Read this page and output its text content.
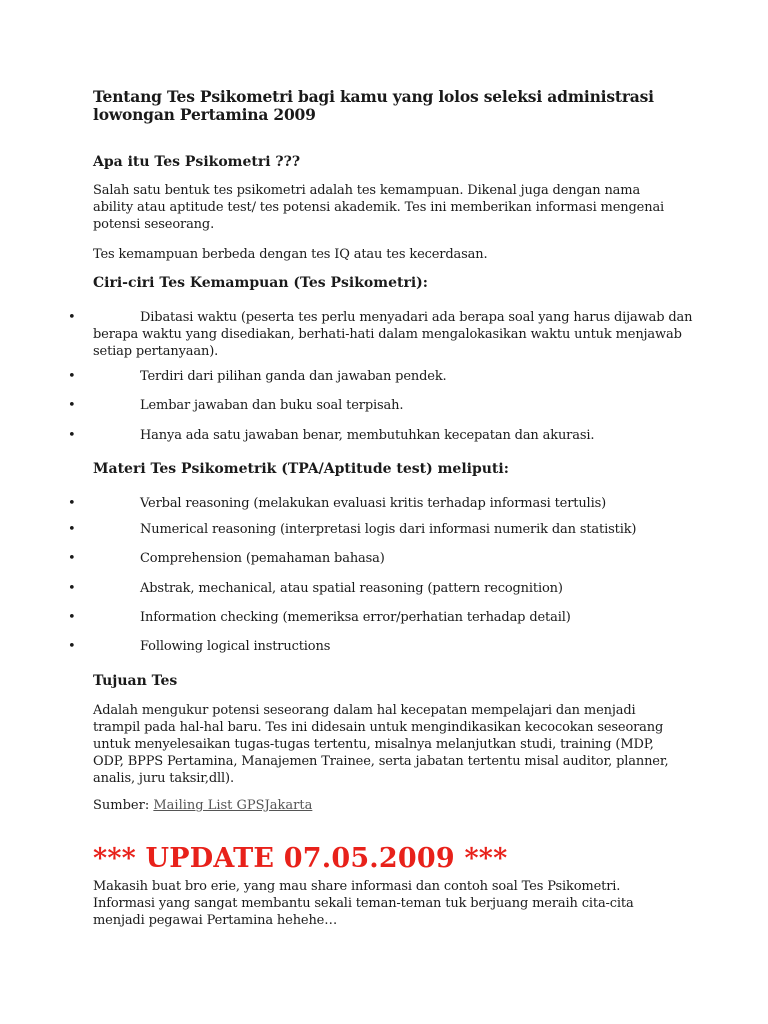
Tentang Tes Psikometri bagi kamu yang lolos seleksi administrasi lowongan Pertamina 2009
Apa itu Tes Psikometri ???
Salah satu bentuk tes psikometri adalah tes kemampuan. Dikenal juga dengan nama ability atau aptitude test/ tes potensi akademik. Tes ini memberikan informasi mengenai potensi seseorang.
Tes kemampuan berbeda dengan tes IQ atau tes kecerdasan.
Ciri-ciri Tes Kemampuan (Tes Psikometri):
•	Dibatasi waktu (peserta tes perlu menyadari ada berapa soal yang harus dijawab dan berapa waktu yang disediakan, berhati-hati dalam mengalokasikan waktu untuk menjawab setiap pertanyaan).
•	Terdiri dari pilihan ganda dan jawaban pendek.
•	Lembar jawaban dan buku soal terpisah.
•	Hanya ada satu jawaban benar, membutuhkan kecepatan dan akurasi.
Materi Tes Psikometrik (TPA/Aptitude test) meliputi:
•	Verbal reasoning (melakukan evaluasi kritis terhadap informasi tertulis)
•	Numerical reasoning (interpretasi logis dari informasi numerik dan statistik)
•	Comprehension (pemahaman bahasa)
•	Abstrak, mechanical, atau spatial reasoning (pattern recognition)
•	Information checking (memeriksa error/perhatian terhadap detail)
•	Following logical instructions
Tujuan Tes
Adalah mengukur potensi seseorang dalam hal kecepatan mempelajari dan menjadi trampil pada hal-hal baru. Tes ini didesain untuk mengindikasikan kecocokan seseorang untuk menyelesaikan tugas-tugas tertentu, misalnya melanjutkan studi, training (MDP, ODP, BPPS Pertamina, Manajemen Trainee, serta jabatan tertentu misal auditor, planner, analis, juru taksir,dll).
Sumber: Mailing List GPSJakarta
*** UPDATE 07.05.2009 ***
Makasih buat bro erie, yang mau share informasi dan contoh soal Tes Psikometri. Informasi yang sangat membantu sekali teman-teman tuk berjuang meraih cita-cita menjadi pegawai Pertamina hehehe…
